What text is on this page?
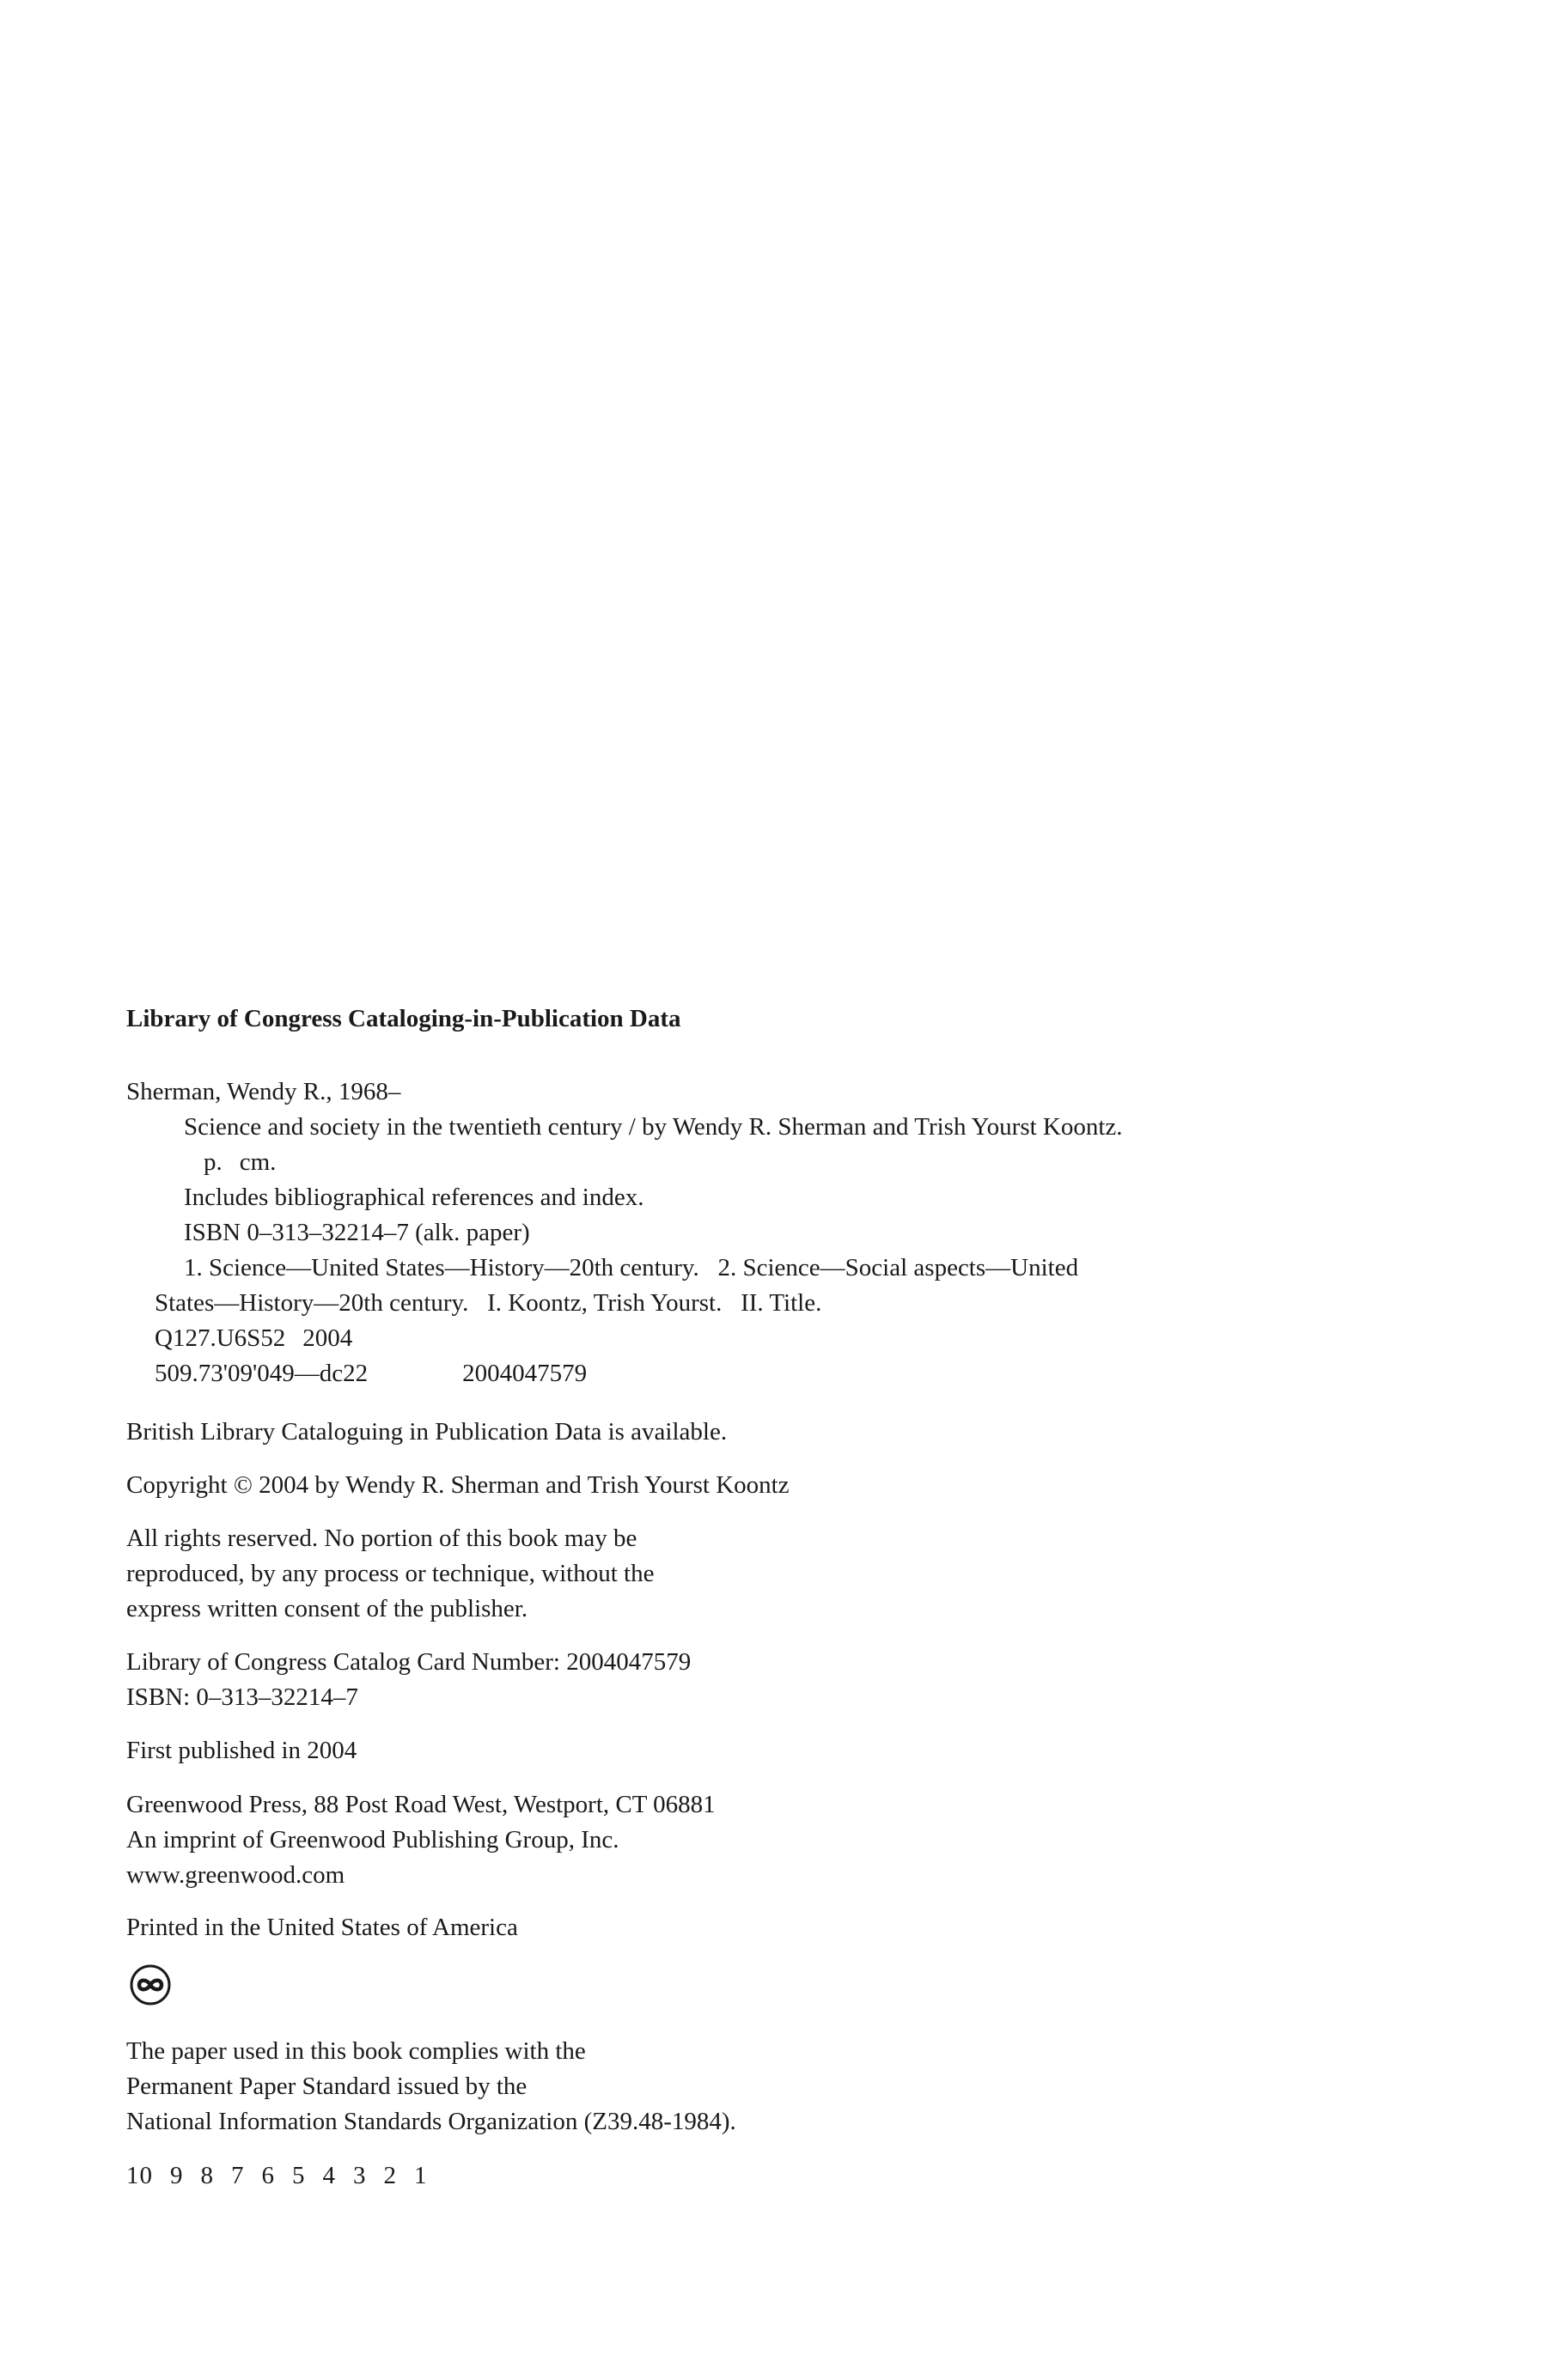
Library of Congress Cataloging-in-Publication Data
Sherman, Wendy R., 1968–
Science and society in the twentieth century / by Wendy R. Sherman and Trish Yourst Koontz.
p. cm.
Includes bibliographical references and index.
ISBN 0–313–32214–7 (alk. paper)
1. Science—United States—History—20th century.   2. Science—Social aspects—United
States—History—20th century.   I. Koontz, Trish Yourst.   II. Title.
Q127.U6S52 2004
509.73'09'049—dc22	2004047579
British Library Cataloguing in Publication Data is available.
Copyright © 2004 by Wendy R. Sherman and Trish Yourst Koontz
All rights reserved. No portion of this book may be
reproduced, by any process or technique, without the
express written consent of the publisher.
Library of Congress Catalog Card Number: 2004047579
ISBN: 0–313–32214–7
First published in 2004
Greenwood Press, 88 Post Road West, Westport, CT 06881
An imprint of Greenwood Publishing Group, Inc.
www.greenwood.com
Printed in the United States of America
The paper used in this book complies with the
Permanent Paper Standard issued by the
National Information Standards Organization (Z39.48-1984).
10 9 8 7 6 5 4 3 2 1
